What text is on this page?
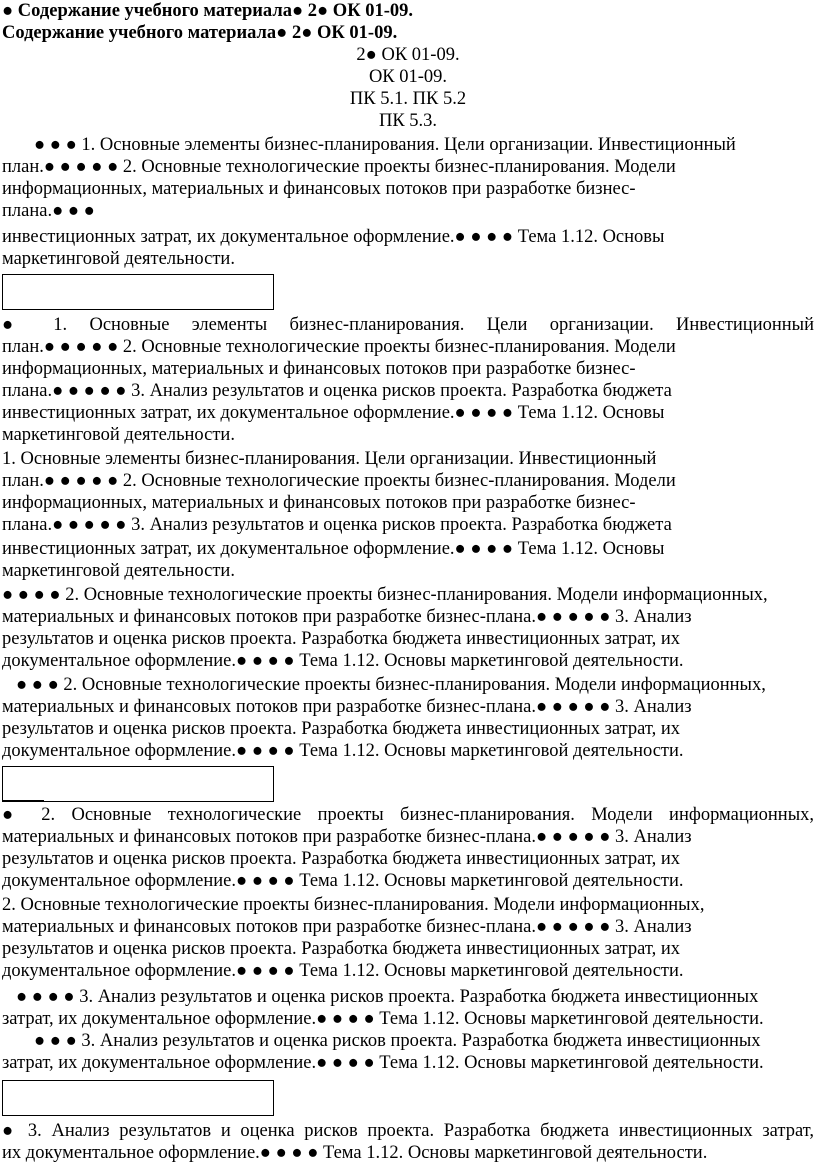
● Содержание учебного материала● 2● ОК 01-09.
Содержание учебного материала● 2● ОК 01-09.
2● ОК 01-09.
ОК 01-09.
ПК 5.1. ПК 5.2
ПК 5.3.
● ● ● 1. Основные элементы бизнес-планирования. Цели организации. Инвестиционный
план.● ● ● ● ● 2. Основные технологические проекты бизнес-планирования. Модели
информационных, материальных и финансовых потоков при разработке бизнес-
плана.● ● ●
инвестиционных затрат, их документальное оформление.● ● ● ● Тема 1.12. Основы
маркетинговой деятельности.
● 1. Основные элементы бизнес-планирования. Цели организации. Инвестиционный
план.● ● ● ● ● 2. Основные технологические проекты бизнес-планирования. Модели
информационных, материальных и финансовых потоков при разработке бизнес-
плана.● ● ● ● ● 3. Анализ результатов и оценка рисков проекта. Разработка бюджета
инвестиционных затрат, их документальное оформление.● ● ● ● Тема 1.12. Основы
маркетинговой деятельности.
1. Основные элементы бизнес-планирования. Цели организации. Инвестиционный
план.● ● ● ● ● 2. Основные технологические проекты бизнес-планирования. Модели
информационных, материальных и финансовых потоков при разработке бизнес-
плана.● ● ● ● ● 3. Анализ результатов и оценка рисков проекта. Разработка бюджета
инвестиционных затрат, их документальное оформление.● ● ● ● Тема 1.12. Основы
маркетинговой деятельности.
● ● ● ● 2. Основные технологические проекты бизнес-планирования. Модели информационных,
материальных и финансовых потоков при разработке бизнес-плана.● ● ● ● ● 3. Анализ
результатов и оценка рисков проекта. Разработка бюджета инвестиционных затрат, их
документальное оформление.● ● ● ● Тема 1.12. Основы маркетинговой деятельности.
● ● ● 2. Основные технологические проекты бизнес-планирования. Модели информационных,
материальных и финансовых потоков при разработке бизнес-плана.● ● ● ● ● 3. Анализ
результатов и оценка рисков проекта. Разработка бюджета инвестиционных затрат, их
документальное оформление.● ● ● ● Тема 1.12. Основы маркетинговой деятельности.
● 2. Основные технологические проекты бизнес-планирования. Модели информационных,
материальных и финансовых потоков при разработке бизнес-плана.● ● ● ● ● 3. Анализ
результатов и оценка рисков проекта. Разработка бюджета инвестиционных затрат, их
документальное оформление.● ● ● ● Тема 1.12. Основы маркетинговой деятельности.
2. Основные технологические проекты бизнес-планирования. Модели информационных,
материальных и финансовых потоков при разработке бизнес-плана.● ● ● ● ● 3. Анализ
результатов и оценка рисков проекта. Разработка бюджета инвестиционных затрат, их
документальное оформление.● ● ● ● Тема 1.12. Основы маркетинговой деятельности.
● ● ● ● 3. Анализ результатов и оценка рисков проекта. Разработка бюджета инвестиционных
затрат, их документальное оформление.● ● ● ● Тема 1.12. Основы маркетинговой деятельности.
● ● ● 3. Анализ результатов и оценка рисков проекта. Разработка бюджета инвестиционных
затрат, их документальное оформление.● ● ● ● Тема 1.12. Основы маркетинговой деятельности.
● 3. Анализ результатов и оценка рисков проекта. Разработка бюджета инвестиционных затрат,
их документальное оформление.● ● ● ● Тема 1.12. Основы маркетинговой деятельности.
